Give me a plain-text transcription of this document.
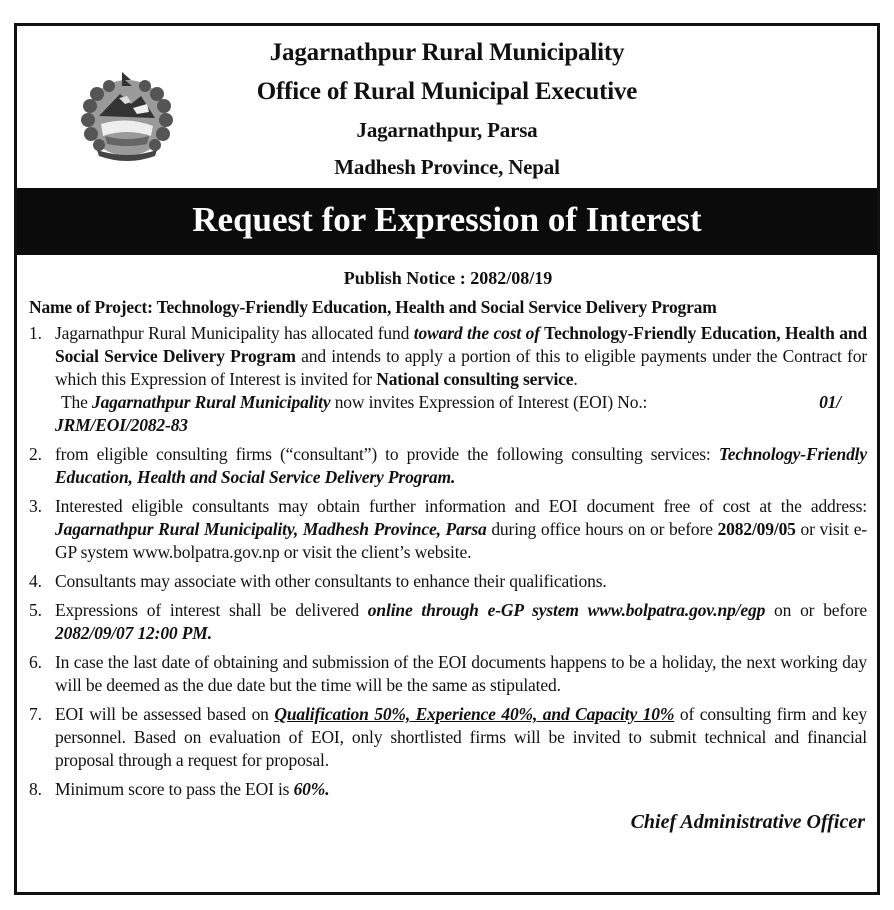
Jagarnathpur Rural Municipality
Office of Rural Municipal Executive
Jagarnathpur, Parsa
Madhesh Province, Nepal
Request for Expression of Interest
Publish Notice : 2082/08/19
Name of Project: Technology-Friendly Education, Health and Social Service Delivery Program
1. Jagarnathpur Rural Municipality has allocated fund toward the cost of Technology-Friendly Education, Health and Social Service Delivery Program and intends to apply a portion of this to eligible payments under the Contract for which this Expression of Interest is invited for National consulting service.
The Jagarnathpur Rural Municipality now invites Expression of Interest (EOI) No.:	01/

JRM/EOI/2082-83
2. from eligible consulting firms (“consultant”) to provide the following consulting services: Technology-Friendly Education, Health and Social Service Delivery Program.
3. Interested eligible consultants may obtain further information and EOI document free of cost at the address: Jagarnathpur Rural Municipality, Madhesh Province, Parsa during office hours on or before 2082/09/05 or visit e-GP system www.bolpatra.gov.np or visit the client’s website.
4. Consultants may associate with other consultants to enhance their qualifications.
5. Expressions of interest shall be delivered online through e-GP system www.bolpatra.gov.np/egp on or before 2082/09/07 12:00 PM.
6. In case the last date of obtaining and submission of the EOI documents happens to be a holiday, the next working day will be deemed as the due date but the time will be the same as stipulated.
7. EOI will be assessed based on Qualification 50%, Experience 40%, and Capacity 10% of consulting firm and key personnel. Based on evaluation of EOI, only shortlisted firms will be invited to submit technical and financial proposal through a request for proposal.
8. Minimum score to pass the EOI is 60%.
Chief Administrative Officer
